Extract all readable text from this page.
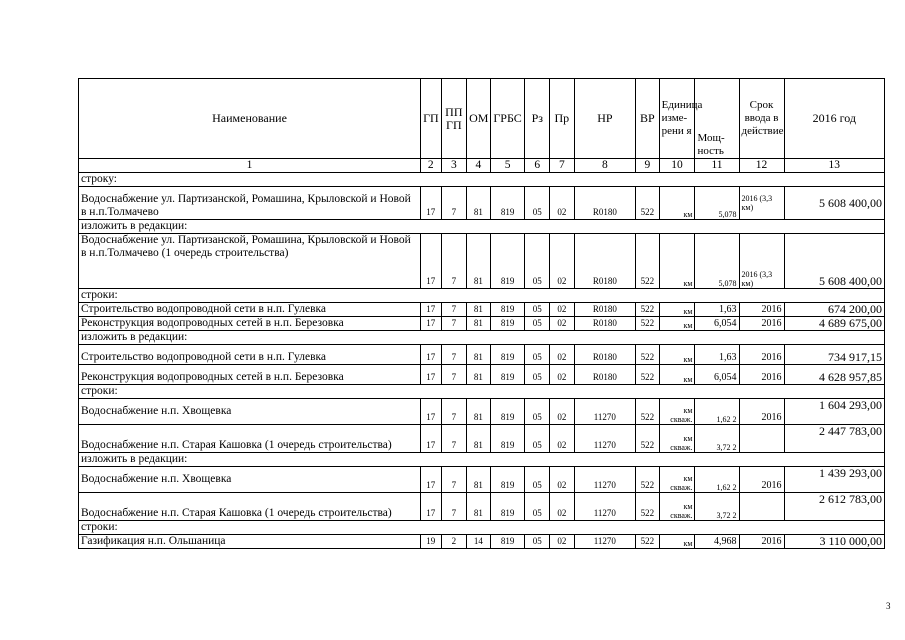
Наименование	ГП	ПП ГП	ОМ	ГРБС	Рз	Пр	НР	ВР	Единица изме-рени я	Мощ-ность	Срок ввода в действие	2016 год
1	2	3	4	5	6	7	8	9	10	11	12	13
строку:												
Водоснабжение ул. Партизанской, Ромашина, Крыловской и Новой в н.п.Толмачево	17	7	81	819	05	02	R0180	522	км	5,078	2016 (3,3 км)	5 608 400,00
изложить в редакции:												
Водоснабжение ул. Партизанской, Ромашина, Крыловской и Новой в н.п.Толмачево (1 очередь строительства)	17	7	81	819	05	02	R0180	522	км	5,078	2016 (3,3 км)	5 608 400,00
строки:												
Строительство водопроводной сети в н.п. Гулевка	17	7	81	819	05	02	R0180	522	км	1,63	2016	674 200,00
Реконструкция водопроводных сетей в н.п. Березовка	17	7	81	819	05	02	R0180	522	км	6,054	2016	4 689 675,00
изложить в редакции:												
Строительство водопроводной сети в н.п. Гулевка	17	7	81	819	05	02	R0180	522	км	1,63	2016	734 917,15
Реконструкция водопроводных сетей в н.п. Березовка	17	7	81	819	05	02	R0180	522	км	6,054	2016	4 628 957,85
строки:												
Водоснабжение н.п. Хвощевка	17	7	81	819	05	02	11270	522	км скваж.	1,62 2	2016	1 604 293,00
Водоснабжение н.п. Старая Кашовка (1 очередь строительства)	17	7	81	819	05	02	11270	522	км скваж.	3,72 2		2 447 783,00
изложить в редакции:												
Водоснабжение н.п. Хвощевка	17	7	81	819	05	02	11270	522	км скваж.	1,62 2	2016	1 439 293,00
Водоснабжение н.п. Старая Кашовка (1 очередь строительства)	17	7	81	819	05	02	11270	522	км скваж.	3,72 2		2 612 783,00
строки:												
Газификация н.п. Ольшаница	19	2	14	819	05	02	11270	522	км	4,968	2016	3 110 000,00
3
